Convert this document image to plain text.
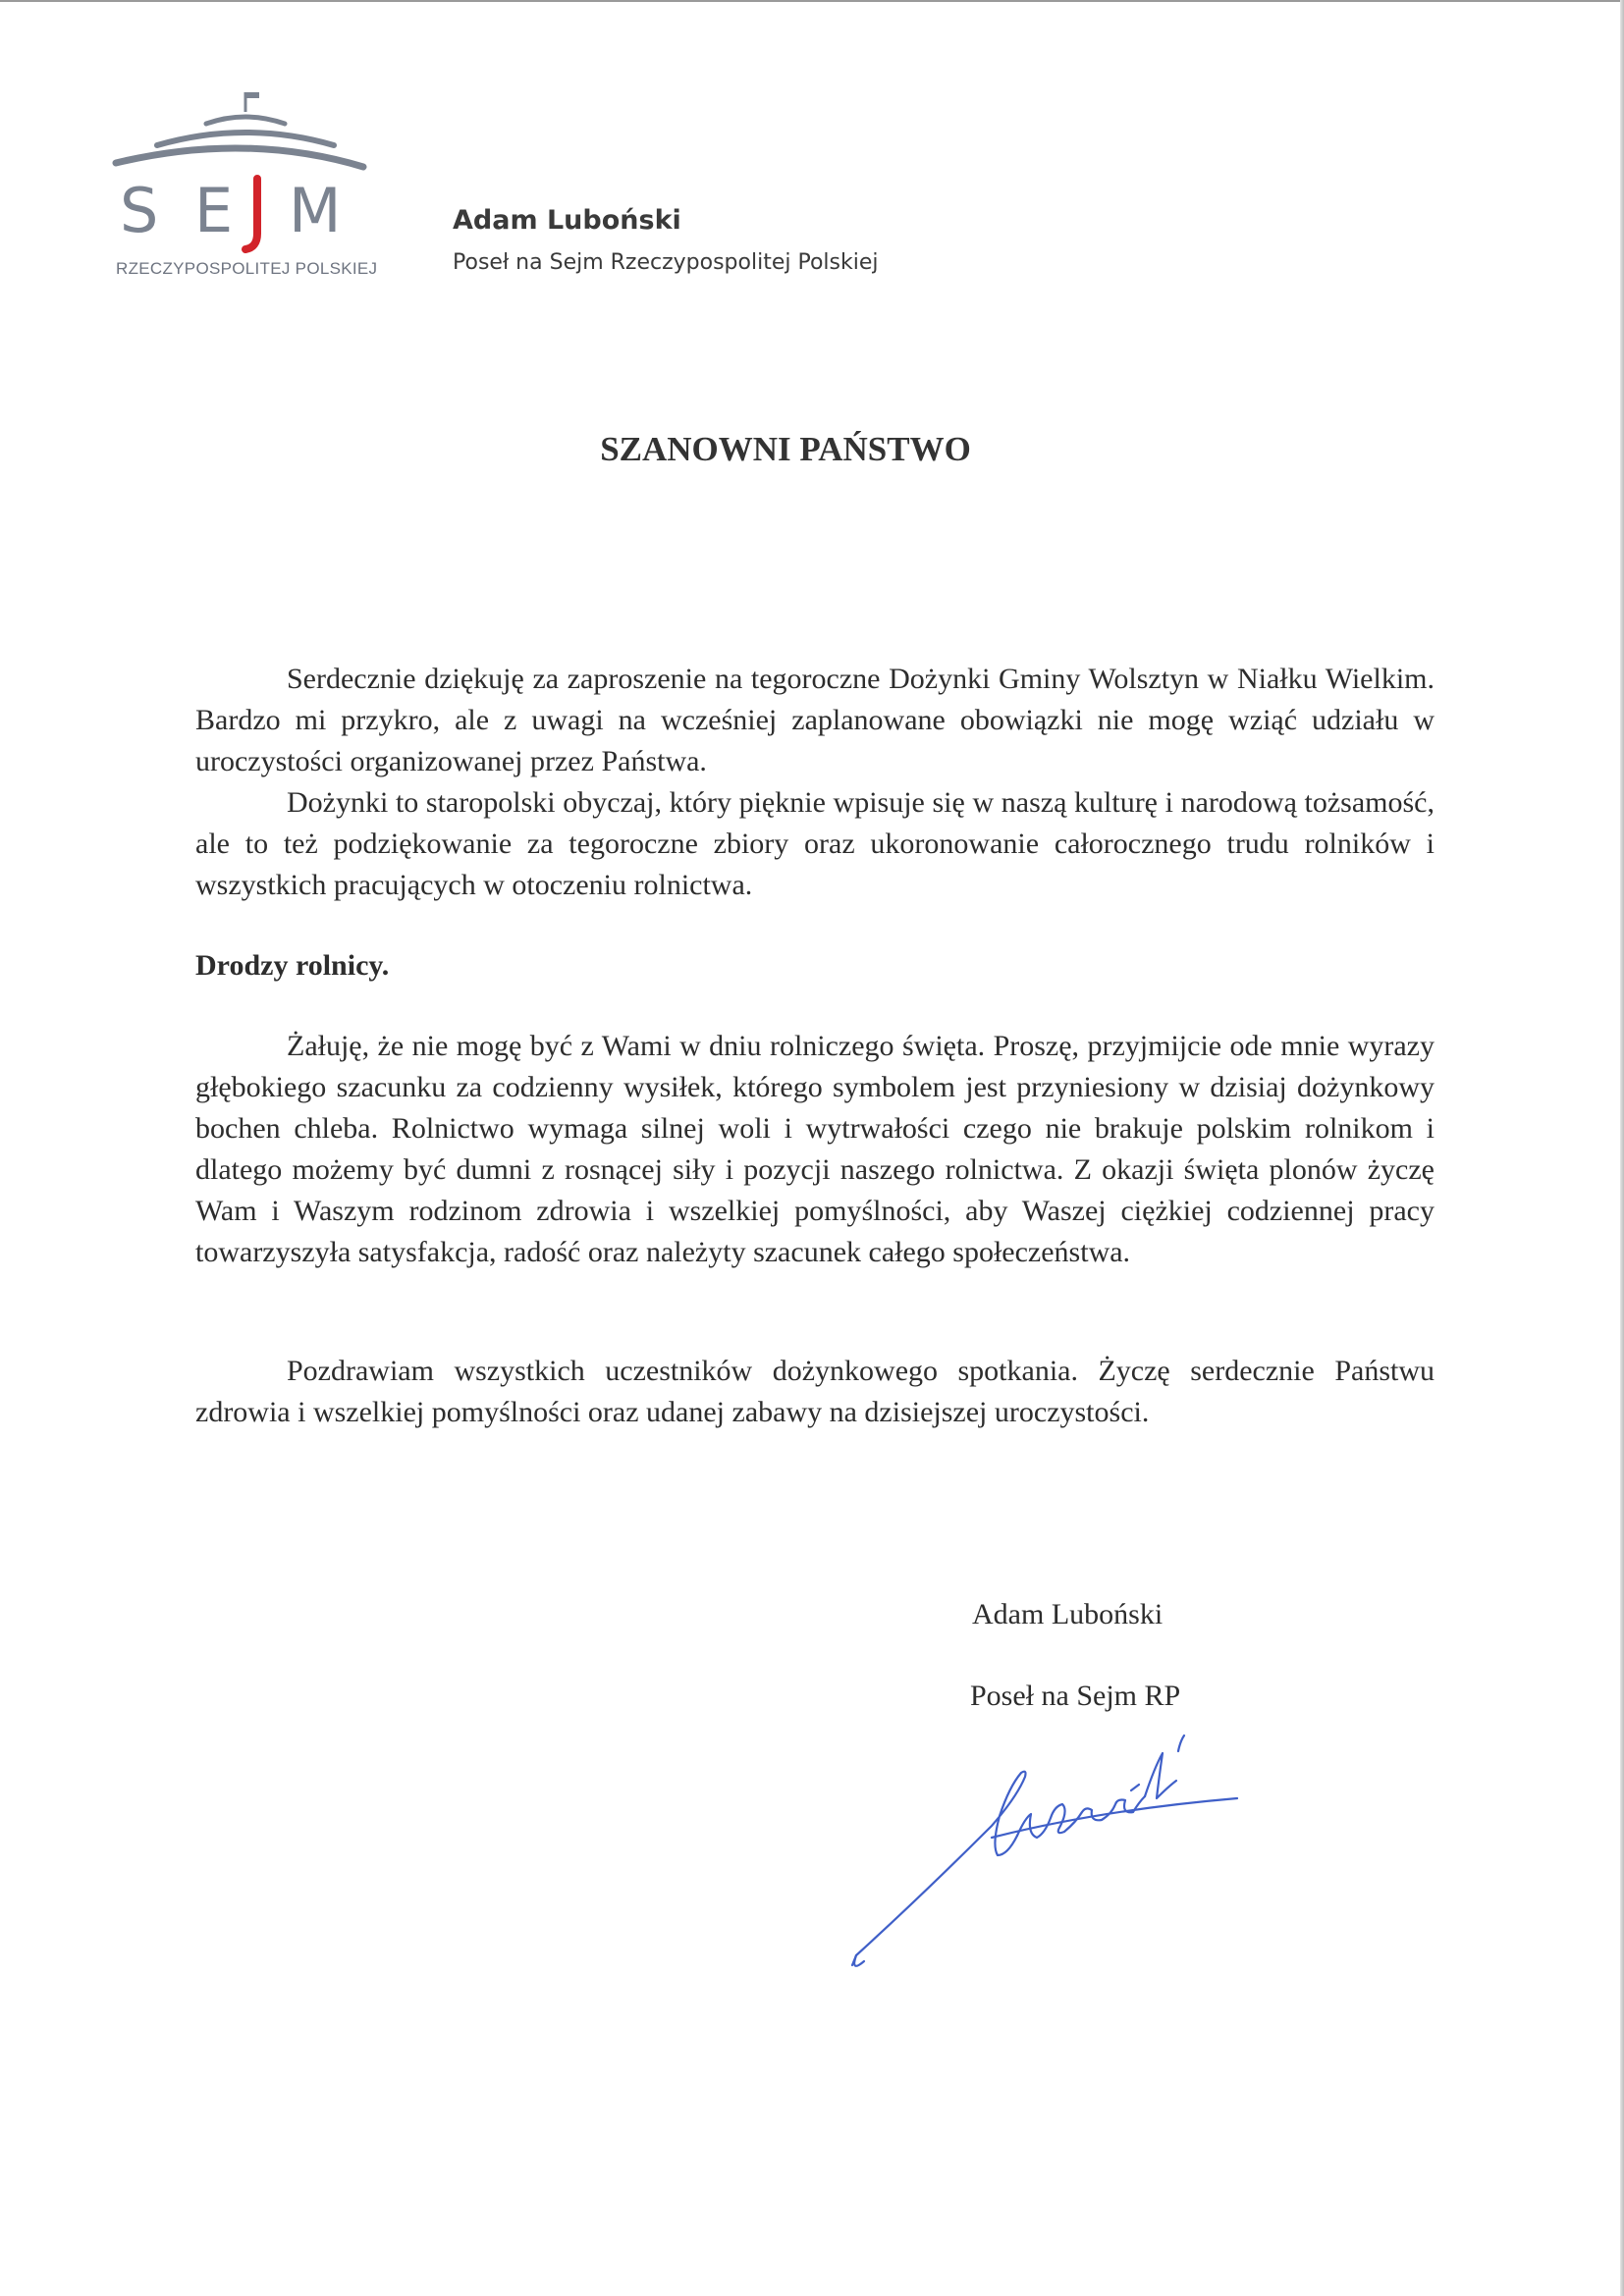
S E M
RZECZYPOSPOLITEJ POLSKIEJ
Adam Luboński
Poseł na Sejm Rzeczypospolitej Polskiej
SZANOWNI PAŃSTWO

Serdecznie dziękuję za zaproszenie na tegoroczne Dożynki Gminy Wolsztyn w Niałku Wielkim. Bardzo mi przykro, ale z uwagi na wcześniej zaplanowane obowiązki nie mogę wziąć udziału w uroczystości organizowanej przez Państwa.

Dożynki to staropolski obyczaj, który pięknie wpisuje się w naszą kulturę i narodową tożsamość, ale to też podziękowanie za tegoroczne zbiory oraz ukoronowanie całorocznego trudu rolników i wszystkich pracujących w otoczeniu rolnictwa.

Drodzy rolnicy.

Żałuję, że nie mogę być z Wami w dniu rolniczego święta. Proszę, przyjmijcie ode mnie wyrazy głębokiego szacunku za codzienny wysiłek, którego symbolem jest przyniesiony w dzisiaj dożynkowy bochen chleba. Rolnictwo wymaga silnej woli i wytrwałości czego nie brakuje polskim rolnikom i dlatego możemy być dumni z rosnącej siły i pozycji naszego rolnictwa. Z okazji święta plonów życzę Wam i Waszym rodzinom zdrowia i wszelkiej pomyślności, aby Waszej ciężkiej codziennej pracy towarzyszyła satysfakcja, radość oraz należyty szacunek całego społeczeństwa.

Pozdrawiam wszystkich uczestników dożynkowego spotkania. Życzę serdecznie Państwu zdrowia i wszelkiej pomyślności oraz udanej zabawy na dzisiejszej uroczystości.

Adam Luboński
Poseł na Sejm RP
